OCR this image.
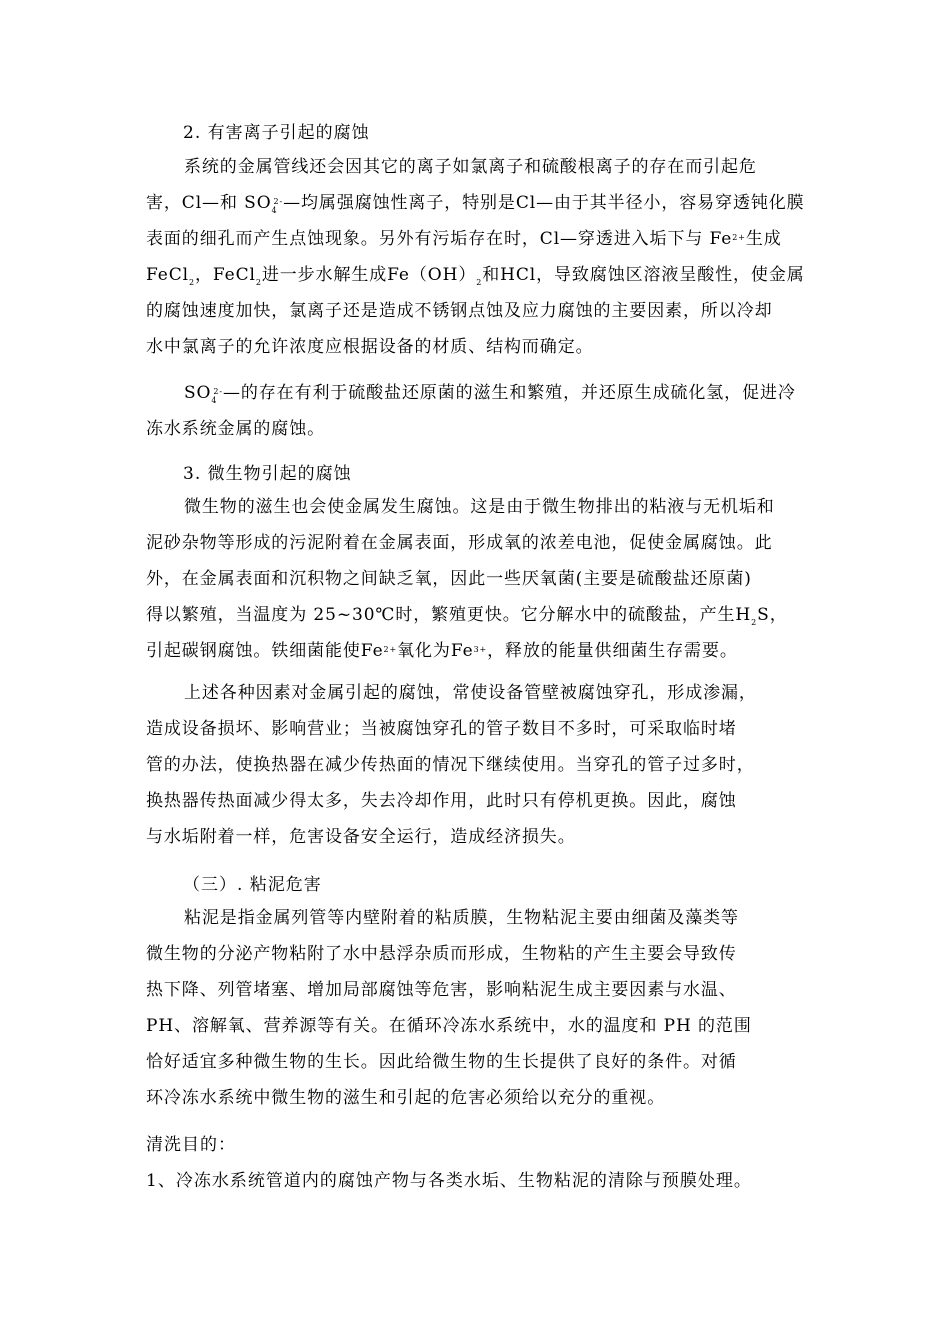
2. 有害离子引起的腐蚀
系统的金属管线还会因其它的离子如氯离子和硫酸根离子的存在而引起危
害，Cl—和 $SO_4^{2-}—$均属强腐蚀性离子，特别是Cl—由于其半径小，容易穿透钝化膜
表面的细孔而产生点蚀现象。另外有污垢存在时，Cl—穿透进入垢下与 $Fe^{2+}$生成
FeCl$_2$，FeCl$_2$进一步水解生成$Fe(OH)_2$和HCl，导致腐蚀区溶液呈酸性，使金属
的腐蚀速度加快，氯离子还是造成不锈钢点蚀及应力腐蚀的主要因素，所以冷却
水中氯离子的允许浓度应根据设备的材质、结构而确定。
$SO_4^{2-}—$的存在有利于硫酸盐还原菌的滋生和繁殖，并还原生成硫化氢，促进冷
冻水系统金属的腐蚀。
3. 微生物引起的腐蚀
微生物的滋生也会使金属发生腐蚀。这是由于微生物排出的粘液与无机垢和
泥砂杂物等形成的污泥附着在金属表面，形成氧的浓差电池，促使金属腐蚀。此
外，在金属表面和沉积物之间缺乏氧，因此一些厌氧菌(主要是硫酸盐还原菌)
得以繁殖，当温度为 25~30℃时，繁殖更快。它分解水中的硫酸盐，产生$H_2S$，
引起碳钢腐蚀。铁细菌能使$Fe^{2+}$氧化为$Fe^{3+}$，释放的能量供细菌生存需要。
上述各种因素对金属引起的腐蚀，常使设备管壁被腐蚀穿孔，形成渗漏，
造成设备损坏、影响营业；当被腐蚀穿孔的管子数目不多时，可采取临时堵
管的办法，使换热器在减少传热面的情况下继续使用。当穿孔的管子过多时，
换热器传热面减少得太多，失去冷却作用，此时只有停机更换。因此，腐蚀
与水垢附着一样，危害设备安全运行，造成经济损失。
（三）. 粘泥危害
粘泥是指金属列管等内壁附着的粘质膜，生物粘泥主要由细菌及藻类等
微生物的分泌产物粘附了水中悬浮杂质而形成，生物粘的产生主要会导致传
热下降、列管堵塞、增加局部腐蚀等危害，影响粘泥生成主要因素与水温、
PH、溶解氧、营养源等有关。在循环冷冻水系统中，水的温度和 PH 的范围
恰好适宜多种微生物的生长。因此给微生物的生长提供了良好的条件。对循
环冷冻水系统中微生物的滋生和引起的危害必须给以充分的重视。
清洗目的：
1、冷冻水系统管道内的腐蚀产物与各类水垢、生物粘泥的清除与预膜处理。
